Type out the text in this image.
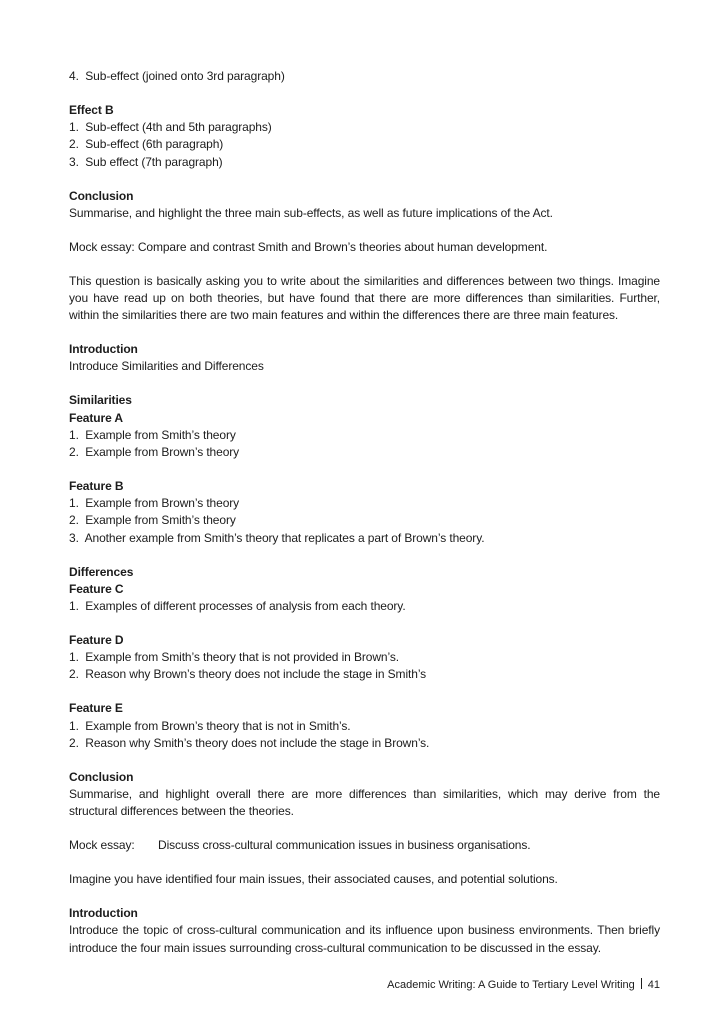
4.  Sub-effect (joined onto 3rd paragraph)

Effect B

1.  Sub-effect (4th and 5th paragraphs)

2.  Sub-effect (6th paragraph)

3.  Sub effect (7th paragraph)

Conclusion

Summarise, and highlight the three main sub-effects, as well as future implications of the Act.

Mock essay: Compare and contrast Smith and Brown’s theories about human development.

This question is basically asking you to write about the similarities and differences between two things. Imagine you have read up on both theories, but have found that there are more differences than similarities. Further, within the similarities there are two main features and within the differences there are three main features.

Introduction

Introduce Similarities and Differences

Similarities

Feature A

1.  Example from Smith’s theory

2.  Example from Brown’s theory

Feature B

1.  Example from Brown’s theory

2.  Example from Smith’s theory

3.  Another example from Smith’s theory that replicates a part of Brown’s theory.

Differences

Feature C

1.  Examples of different processes of analysis from each theory.

Feature D

1.  Example from Smith’s theory that is not provided in Brown’s.

2.  Reason why Brown’s theory does not include the stage in Smith’s

Feature E

1.  Example from Brown’s theory that is not in Smith’s.

2.  Reason why Smith’s theory does not include the stage in Brown’s.

Conclusion

Summarise, and highlight overall there are more differences than similarities, which may derive from the structural differences between the theories.

Mock essay: Discuss cross-cultural communication issues in business organisations.

Imagine you have identified four main issues, their associated causes, and potential solutions.

Introduction

Introduce the topic of cross-cultural communication and its influence upon business environments. Then briefly introduce the four main issues surrounding cross-cultural communication to be discussed in the essay.

Academic Writing: A Guide to Tertiary Level Writing 41
